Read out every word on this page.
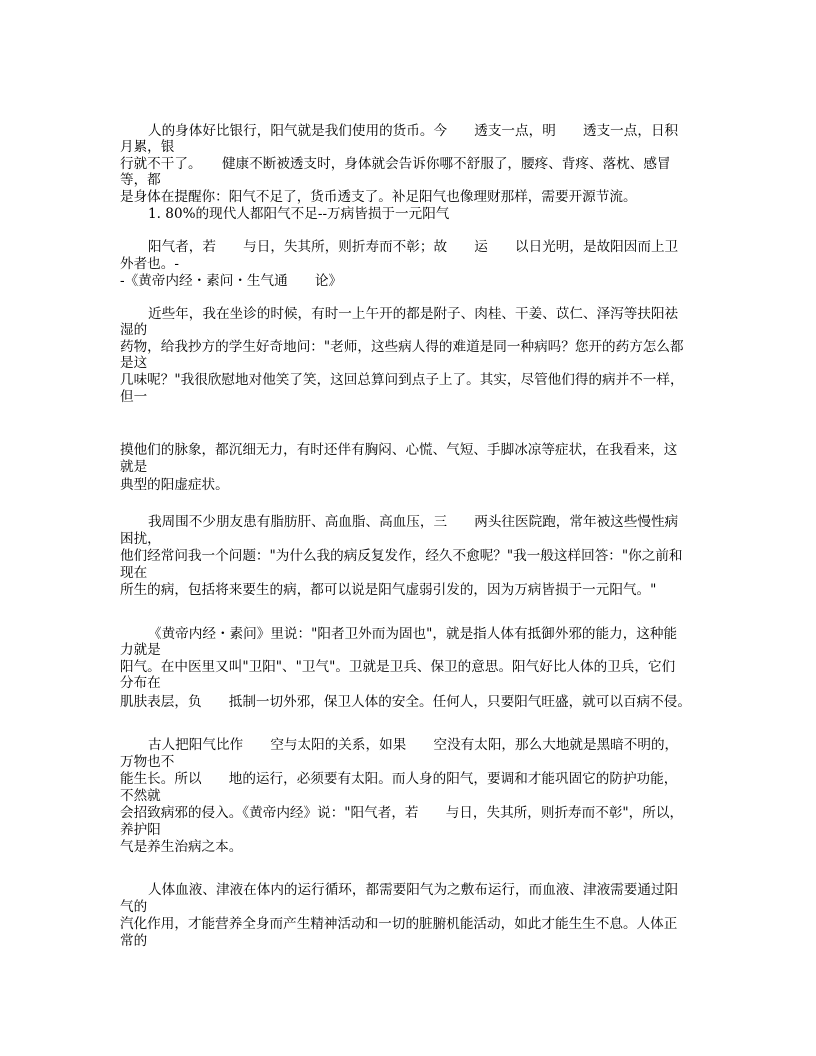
人的身体好比银行，阳气就是我们使用的货币。今　　透支一点，明　　透支一点，日积
月累，银
行就不干了。　　健康不断被透支时，身体就会告诉你哪不舒服了，腰疼、背疼、落枕、感冒
等，都
是身体在提醒你：阳气不足了，货币透支了。补足阳气也像理财那样，需要开源节流。
1. 80%的现代人都阳气不足--万病皆损于一元阳气
阳气者，若　　与日，失其所，则折寿而不彰；故　　运　　以日光明，是故阳因而上卫
外者也。-
-《黄帝内经・素问・生气通　　论》
近些年，我在坐诊的时候，有时一上午开的都是附子、肉桂、干姜、苡仁、泽泻等扶阳祛
湿的
药物，给我抄方的学生好奇地问："老师，这些病人得的难道是同一种病吗？您开的药方怎么都
是这
几味呢？"我很欣慰地对他笑了笑，这回总算问到点子上了。其实，尽管他们得的病并不一样，
但一
摸他们的脉象，都沉细无力，有时还伴有胸闷、心慌、气短、手脚冰凉等症状，在我看来，这
就是
典型的阳虚症状。
我周围不少朋友患有脂肪肝、高血脂、高血压，三　　两头往医院跑，常年被这些慢性病
困扰，
他们经常问我一个问题："为什么我的病反复发作，经久不愈呢？"我一般这样回答："你之前和
现在
所生的病，包括将来要生的病，都可以说是阳气虚弱引发的，因为万病皆损于一元阳气。"
《黄帝内经・素问》里说："阳者卫外而为固也"，就是指人体有抵御外邪的能力，这种能
力就是
阳气。在中医里又叫"卫阳"、"卫气"。卫就是卫兵、保卫的意思。阳气好比人体的卫兵，它们
分布在
肌肤表层，负　　抵制一切外邪，保卫人体的安全。任何人，只要阳气旺盛，就可以百病不侵。
古人把阳气比作　　空与太阳的关系，如果　　空没有太阳，那么大地就是黑暗不明的，
万物也不
能生长。所以　　地的运行，必须要有太阳。而人身的阳气，要调和才能巩固它的防护功能，
不然就
会招致病邪的侵入。《黄帝内经》说："阳气者，若　　与日，失其所，则折寿而不彰"，所以，
养护阳
气是养生治病之本。
人体血液、津液在体内的运行循环，都需要阳气为之敷布运行，而血液、津液需要通过阳
气的
汽化作用，才能营养全身而产生精神活动和一切的脏腑机能活动，如此才能生生不息。人体正
常的
